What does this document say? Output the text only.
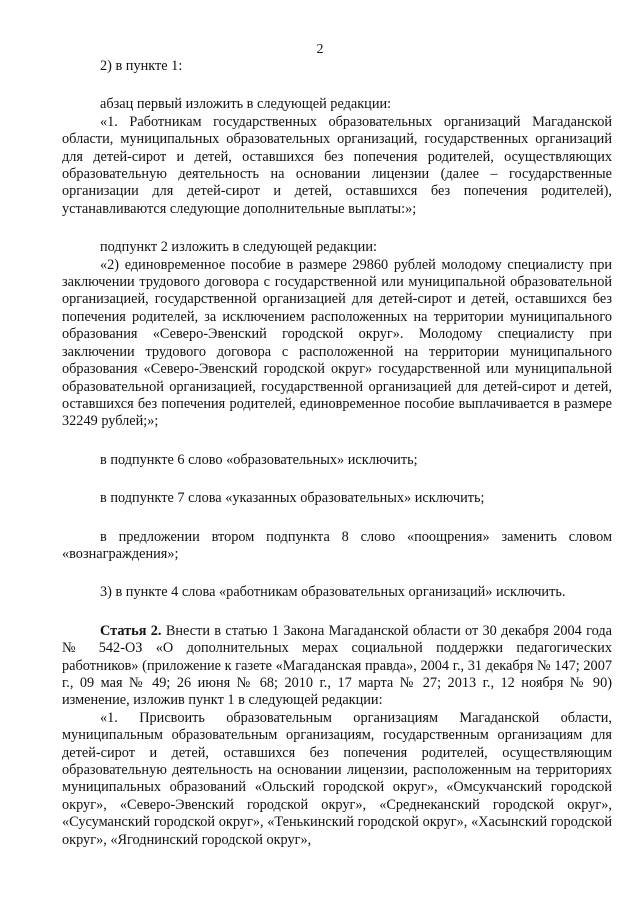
2

2) в пункте 1:

абзац первый изложить в следующей редакции:

«1. Работникам государственных образовательных организаций Магаданской области, муниципальных образовательных организаций, государственных организаций для детей-сирот и детей, оставшихся без попечения родителей, осуществляющих образовательную деятельность на основании лицензии (далее – государственные организации для детей-сирот и детей, оставшихся без попечения родителей), устанавливаются следующие дополнительные выплаты:»;

подпункт 2 изложить в следующей редакции:

«2) единовременное пособие в размере 29860 рублей молодому специалисту при заключении трудового договора с государственной или муниципальной образовательной организацией, государственной организацией для детей-сирот и детей, оставшихся без попечения родителей, за исключением расположенных на территории муниципального образования «Северо-Эвенский городской округ». Молодому специалисту при заключении трудового договора с расположенной на территории муниципального образования «Северо-Эвенский городской округ» государственной или муниципальной образовательной организацией, государственной организацией для детей-сирот и детей, оставшихся без попечения родителей, единовременное пособие выплачивается в размере 32249 рублей;»;

в подпункте 6 слово «образовательных» исключить;

в подпункте 7 слова «указанных образовательных» исключить;

в предложении втором подпункта 8 слово «поощрения» заменить словом «вознаграждения»;

3) в пункте 4 слова «работникам образовательных организаций» исключить.

Статья 2. Внести в статью 1 Закона Магаданской области от 30 декабря 2004 года № 542-ОЗ «О дополнительных мерах социальной поддержки педагогических работников» (приложение к газете «Магаданская правда», 2004 г., 31 декабря № 147; 2007 г., 09 мая № 49; 26 июня № 68; 2010 г., 17 марта № 27; 2013 г., 12 ноября № 90) изменение, изложив пункт 1 в следующей редакции:

«1. Присвоить образовательным организациям Магаданской области, муниципальным образовательным организациям, государственным организациям для детей-сирот и детей, оставшихся без попечения родителей, осуществляющим образовательную деятельность на основании лицензии, расположенным на территориях муниципальных образований «Ольский городской округ», «Омсукчанский городской округ», «Северо-Эвенский городской округ», «Среднеканский городской округ», «Сусуманский городской округ», «Тенькинский городской округ», «Хасынский городской округ», «Ягоднинский городской округ»,
